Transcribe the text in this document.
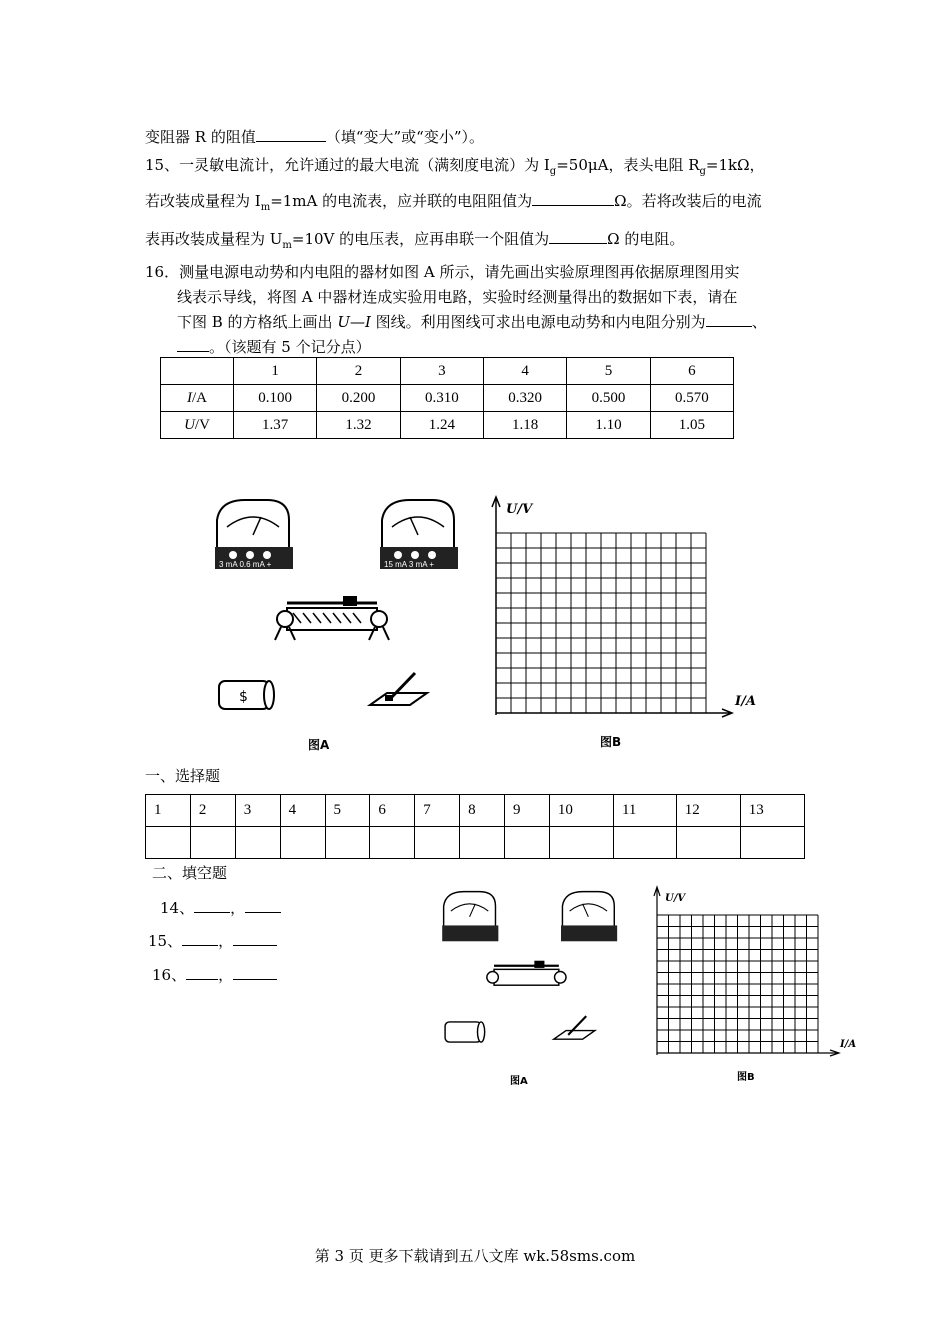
变阻器 R 的阻值	（填“变大”或“变小”）。
15、一灵敏电流计，允许通过的最大电流（满刻度电流）为 $I_g=50\mu A$，表头电阻 $R_g=1k\Omega$，
若改装成量程为 $I_m=1mA$ 的电流表，应并联的电阻阻值为	Ω。若将改装后的电流
表再改装成量程为 $U_m=10V$ 的电压表，应再串联一个阻值为	Ω 的电阻。
16．测量电源电动势和内电阻的器材如图 A 所示，请先画出实验原理图再依据原理图用实
线表示导线，将图 A 中器材连成实验用电路，实验时经测量得出的数据如下表，请在
下图 B 的方格纸上画出 U—I 图线。利用图线可求出电源电动势和内电阻分别为	、
。（该题有 5 个记分点）
	1	2	3	4	5	6
I/A	0.100	0.200	0.310	0.320	0.500	0.570
U/V	1.37	1.32	1.24	1.18	1.10	1.05
3 mA 0.6 mA +	15 mA 3 mA +
$
图A
U/V
I/A
图B
一、选择题
1	2	3	4	5	6	7	8	9	10	11	12	13

二、填空题
14、 ，
15、 ，
16、 ，
图A
U/V
I/A
图B
第 3 页 更多下载请到五八文库 wk.58sms.com
